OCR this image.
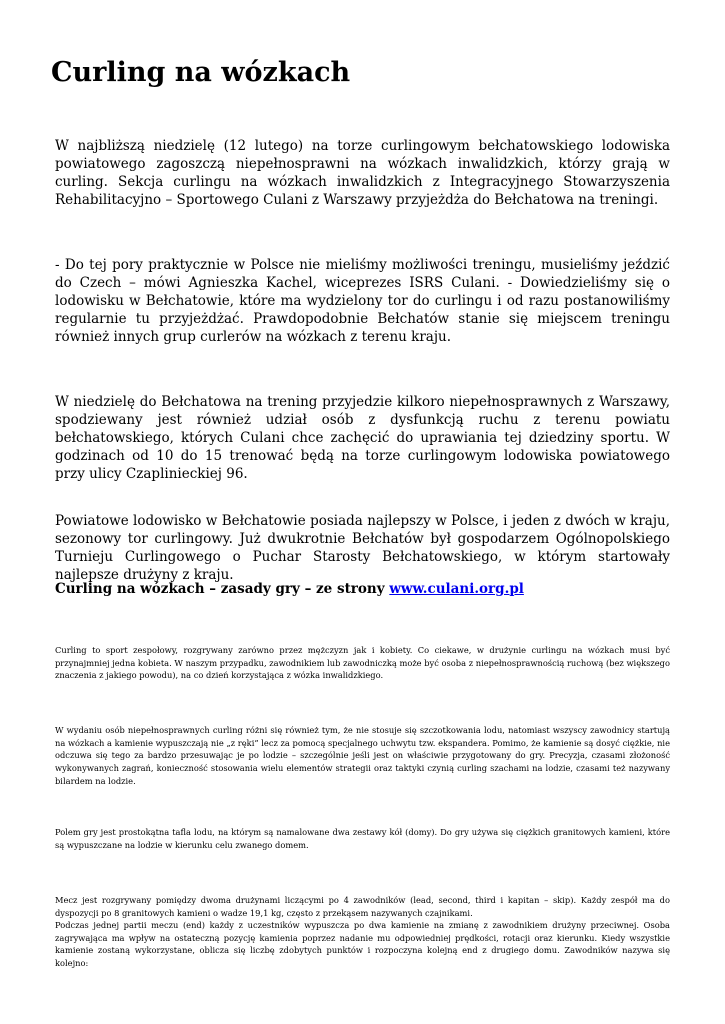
Curling na wózkach

W najbliższą niedzielę (12 lutego) na torze curlingowym bełchatowskiego lodowiska powiatowego zagoszczą niepełnosprawni na wózkach inwalidzkich, którzy grają w curling. Sekcja curlingu na wózkach inwalidzkich z Integracyjnego Stowarzyszenia Rehabilitacyjno – Sportowego Culani z Warszawy przyjeżdża do Bełchatowa na treningi.

- Do tej pory praktycznie w Polsce nie mieliśmy możliwości treningu, musieliśmy jeździć do Czech – mówi Agnieszka Kachel, wiceprezes ISRS Culani. - Dowiedzieliśmy się o lodowisku w Bełchatowie, które ma wydzielony tor do curlingu i od razu postanowiliśmy regularnie tu przyjeżdżać. Prawdopodobnie Bełchatów stanie się miejscem treningu również innych grup curlerów na wózkach z terenu kraju.

W niedzielę do Bełchatowa na trening przyjedzie kilkoro niepełnosprawnych z Warszawy, spodziewany jest również udział osób z dysfunkcją ruchu z terenu powiatu bełchatowskiego, których Culani chce zachęcić do uprawiania tej dziedziny sportu. W godzinach od 10 do 15 trenować będą na torze curlingowym lodowiska powiatowego przy ulicy Czaplinieckiej 96.

Powiatowe lodowisko w Bełchatowie posiada najlepszy w Polsce, i jeden z dwóch w kraju, sezonowy tor curlingowy. Już dwukrotnie Bełchatów był gospodarzem Ogólnopolskiego Turnieju Curlingowego o Puchar Starosty Bełchatowskiego, w którym startowały najlepsze drużyny z kraju.

Curling na wózkach – zasady gry – ze strony www.culani.org.pl

Curling to sport zespołowy, rozgrywany zarówno przez mężczyzn jak i kobiety. Co ciekawe, w drużynie curlingu na wózkach musi być przynajmniej jedna kobieta. W naszym przypadku, zawodnikiem lub zawodniczką może być osoba z niepełnosprawnością ruchową (bez większego znaczenia z jakiego powodu), na co dzień korzystająca z wózka inwalidzkiego.

W wydaniu osób niepełnosprawnych curling różni się również tym, że nie stosuje się szczotkowania lodu, natomiast wszyscy zawodnicy startują na wózkach a kamienie wypuszczają nie „z ręki” lecz za pomocą specjalnego uchwytu tzw. ekspandera. Pomimo, że kamienie są dosyć ciężkie, nie odczuwa się tego za bardzo przesuwając je po lodzie – szczególnie jeśli jest on właściwie przygotowany do gry. Precyzja, czasami złożoność wykonywanych zagrań, konieczność stosowania wielu elementów strategii oraz taktyki czynią curling szachami na lodzie, czasami też nazywany bilardem na lodzie.

Polem gry jest prostokątna tafla lodu, na którym są namalowane dwa zestawy kół (domy). Do gry używa się ciężkich granitowych kamieni, które są wypuszczane na lodzie w kierunku celu zwanego domem.

Mecz jest rozgrywany pomiędzy dwoma drużynami liczącymi po 4 zawodników (lead, second, third i kapitan – skip). Każdy zespół ma do dyspozycji po 8 granitowych kamieni o wadze 19,1 kg, często z przekąsem nazywanych czajnikami.

Podczas jednej partii meczu (end) każdy z uczestników wypuszcza po dwa kamienie na zmianę z zawodnikiem drużyny przeciwnej. Osoba zagrywająca ma wpływ na ostateczną pozycję kamienia poprzez nadanie mu odpowiedniej prędkości, rotacji oraz kierunku. Kiedy wszystkie kamienie zostaną wykorzystane, oblicza się liczbę zdobytych punktów i rozpoczyna kolejną end z drugiego domu. Zawodników nazywa się kolejno:
